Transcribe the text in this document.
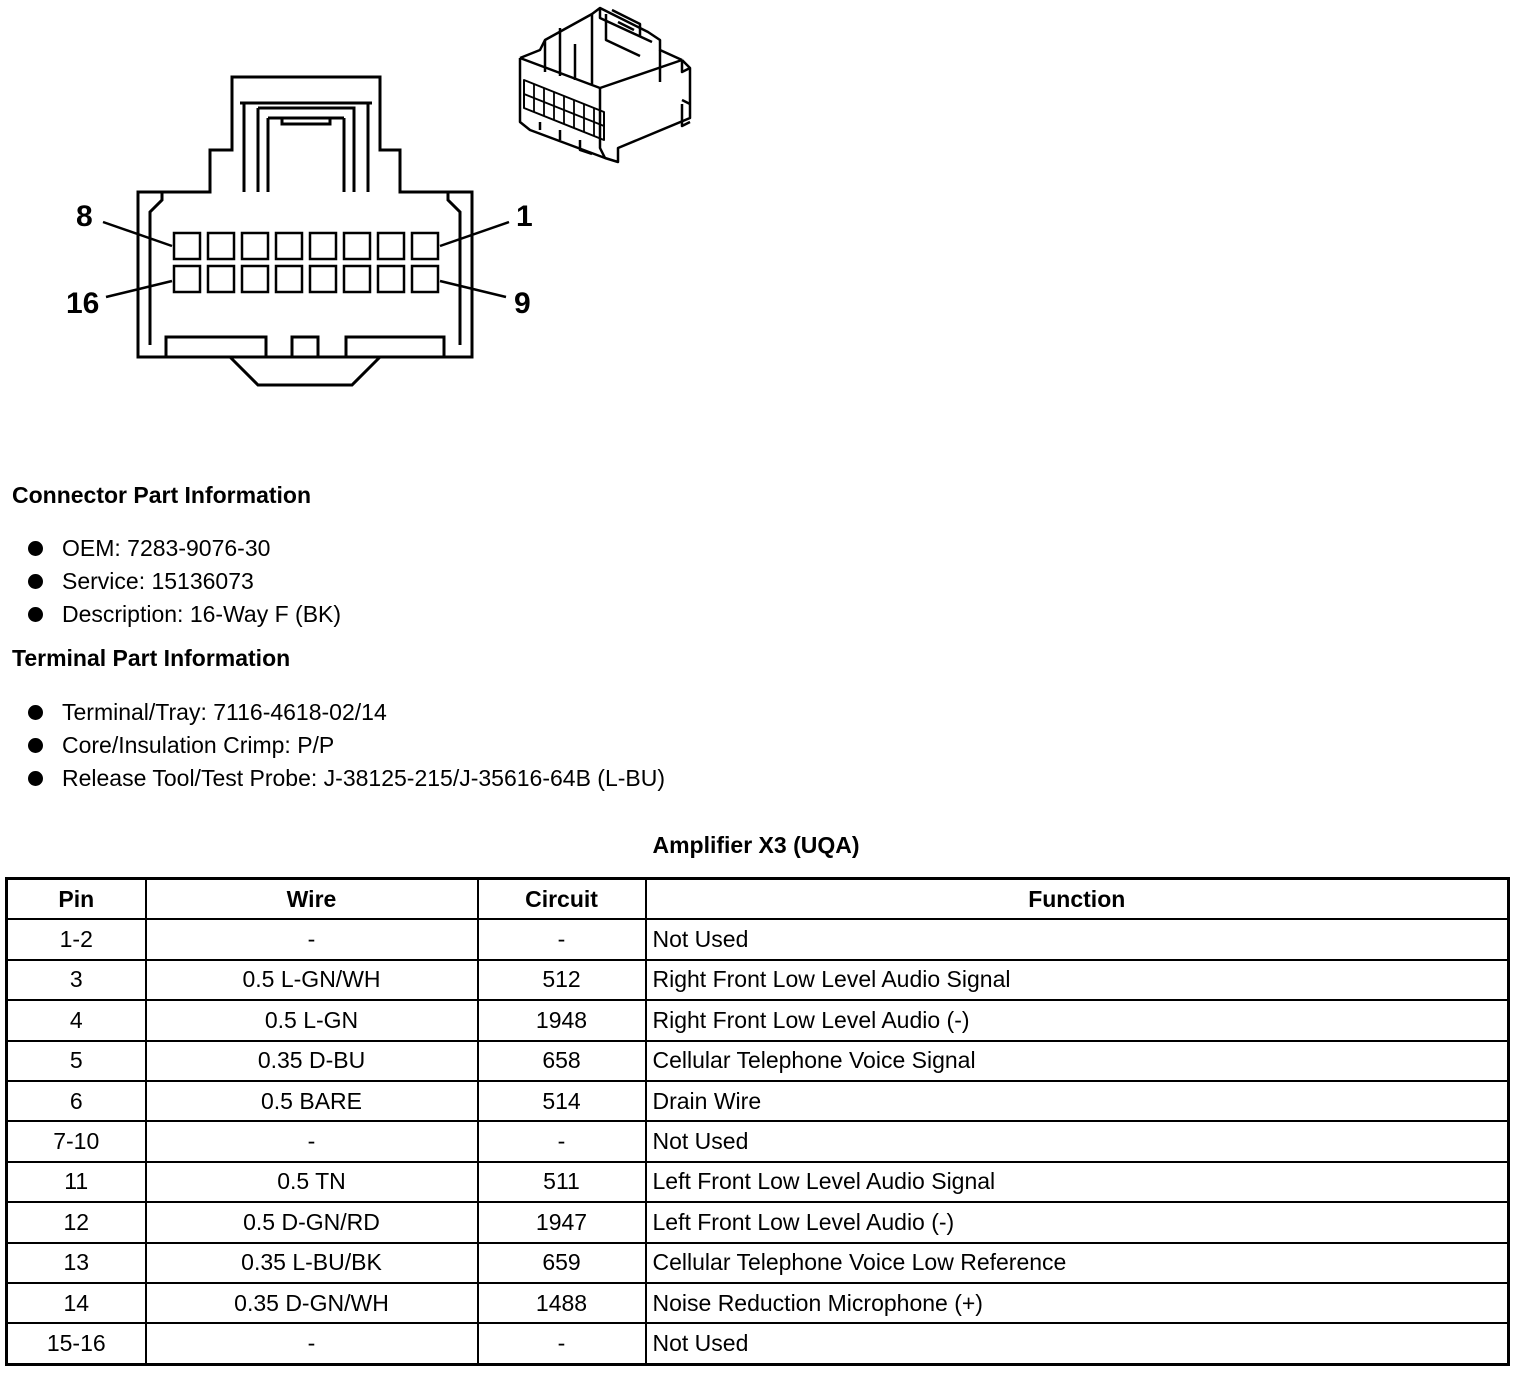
8
16
1
9
Connector Part Information
OEM: 7283-9076-30
Service: 15136073
Description: 16-Way F (BK)
Terminal Part Information
Terminal/Tray: 7116-4618-02/14
Core/Insulation Crimp: P/P
Release Tool/Test Probe: J-38125-215/J-35616-64B (L-BU)
Amplifier X3 (UQA)
Pin	Wire	Circuit	Function
1-2	-	-	Not Used
3	0.5 L-GN/WH	512	Right Front Low Level Audio Signal
4	0.5 L-GN	1948	Right Front Low Level Audio (-)
5	0.35 D-BU	658	Cellular Telephone Voice Signal
6	0.5 BARE	514	Drain Wire
7-10	-	-	Not Used
11	0.5 TN	511	Left Front Low Level Audio Signal
12	0.5 D-GN/RD	1947	Left Front Low Level Audio (-)
13	0.35 L-BU/BK	659	Cellular Telephone Voice Low Reference
14	0.35 D-GN/WH	1488	Noise Reduction Microphone (+)
15-16	-	-	Not Used
